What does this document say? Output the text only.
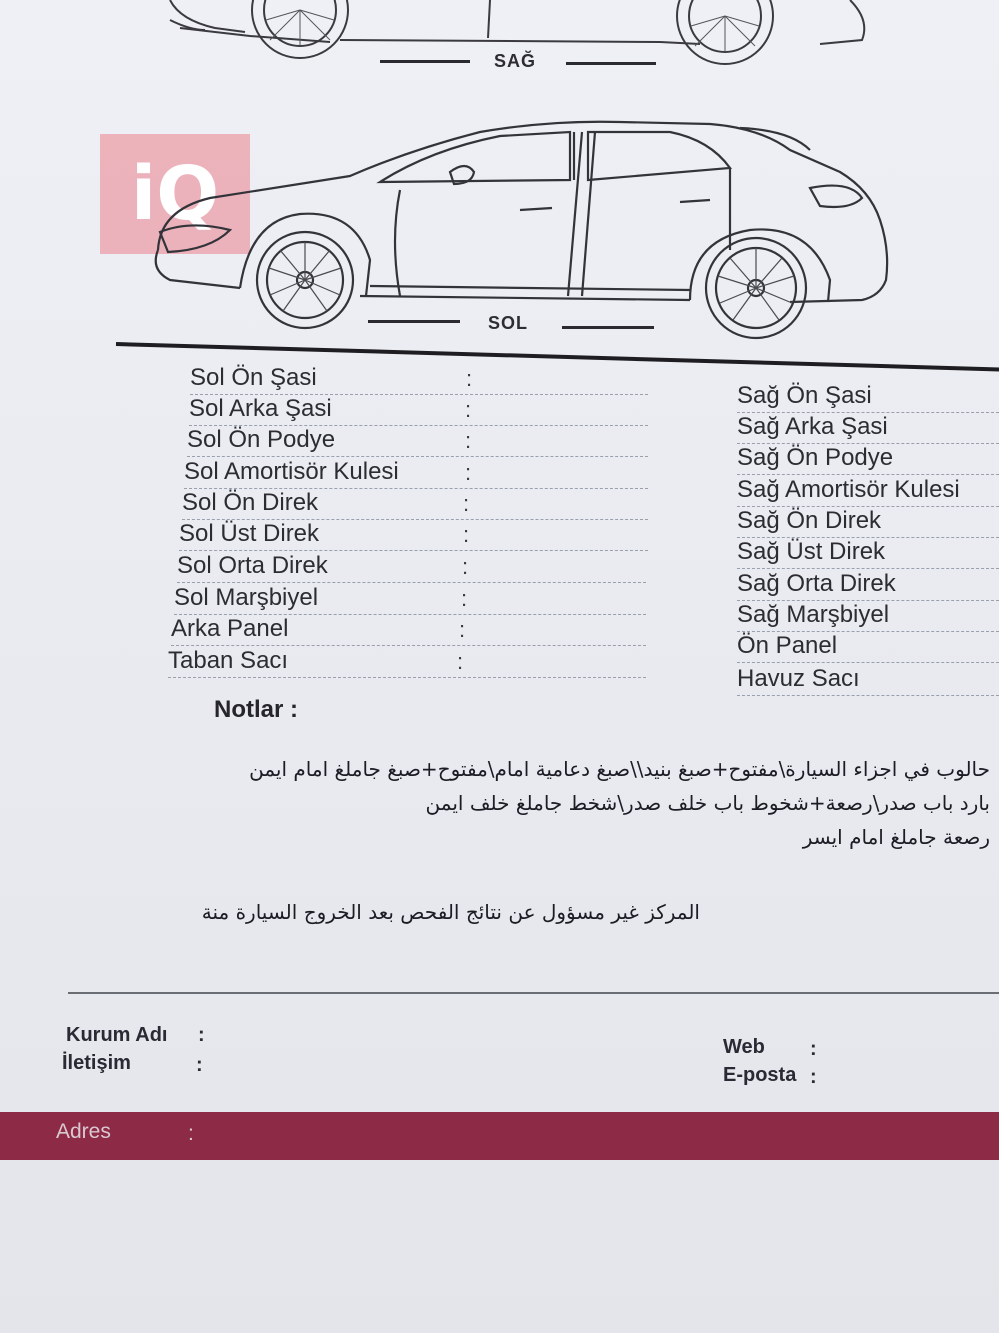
SAĞ
iQ
SOL
Sol Ön Şasi	:
Sol Arka Şasi	:
Sol Ön Podye	:
Sol Amortisör Kulesi	:
Sol Ön Direk	:
Sol Üst Direk	:
Sol Orta Direk	:
Sol Marşbiyel	:
Arka Panel	:
Taban Sacı	:
Sağ Ön Şasi
Sağ Arka Şasi
Sağ Ön Podye
Sağ Amortisör Kulesi
Sağ Ön Direk
Sağ Üst Direk
Sağ Orta Direk
Sağ Marşbiyel
Ön Panel
Havuz Sacı
Notlar :
حالوب في اجزاء السيارة\مفتوح+صبغ بنيد\\صبغ دعامية امام\مفتوح+صبغ جاملغ امام ايمن
بارد باب صدر\رصعة+شخوط باب خلف صدر\شخط جاملغ خلف ايمن
رصعة جاملغ امام ايسر
المركز غير مسؤول عن نتائج الفحص بعد الخروج السيارة منة
Kurum Adı :
İletişim	:
Web :
E-posta :
Adres	:
